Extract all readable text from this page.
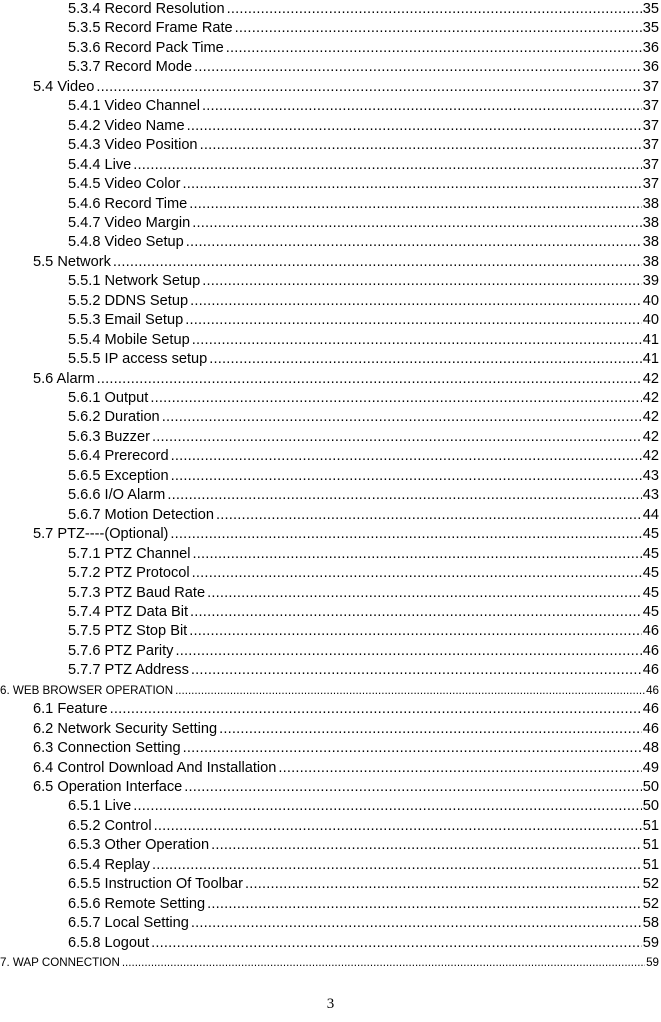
5.3.4 Record Resolution .....	35
5.3.5 Record Frame Rate .....	35
5.3.6 Record Pack Time .....	36
5.3.7 Record Mode .....	36
5.4 Video .....	37
5.4.1 Video Channel .....	37
5.4.2 Video Name .....	37
5.4.3 Video Position .....	37
5.4.4 Live .....	37
5.4.5 Video Color .....	37
5.4.6 Record Time .....	38
5.4.7 Video Margin .....	38
5.4.8 Video Setup .....	38
5.5 Network .....	38
5.5.1 Network Setup .....	39
5.5.2 DDNS Setup .....	40
5.5.3 Email Setup .....	40
5.5.4 Mobile Setup .....	41
5.5.5 IP access setup .....	41
5.6 Alarm .....	42
5.6.1 Output .....	42
5.6.2 Duration .....	42
5.6.3 Buzzer .....	42
5.6.4 Prerecord .....	42
5.6.5 Exception .....	43
5.6.6 I/O Alarm .....	43
5.6.7 Motion Detection .....	44
5.7 PTZ----(Optional) .....	45
5.7.1 PTZ Channel .....	45
5.7.2 PTZ Protocol .....	45
5.7.3 PTZ Baud Rate .....	45
5.7.4 PTZ Data Bit .....	45
5.7.5 PTZ Stop Bit .....	46
5.7.6 PTZ Parity .....	46
5.7.7 PTZ Address .....	46
6. WEB BROWSER OPERATION .....	46
6.1 Feature .....	46
6.2 Network Security Setting .....	46
6.3 Connection Setting .....	48
6.4 Control Download And Installation .....	49
6.5 Operation Interface .....	50
6.5.1 Live .....	50
6.5.2 Control .....	51
6.5.3 Other Operation .....	51
6.5.4 Replay .....	51
6.5.5 Instruction Of Toolbar .....	52
6.5.6 Remote Setting .....	52
6.5.7 Local Setting .....	58
6.5.8 Logout .....	59
7. WAP CONNECTION .....	59
3
